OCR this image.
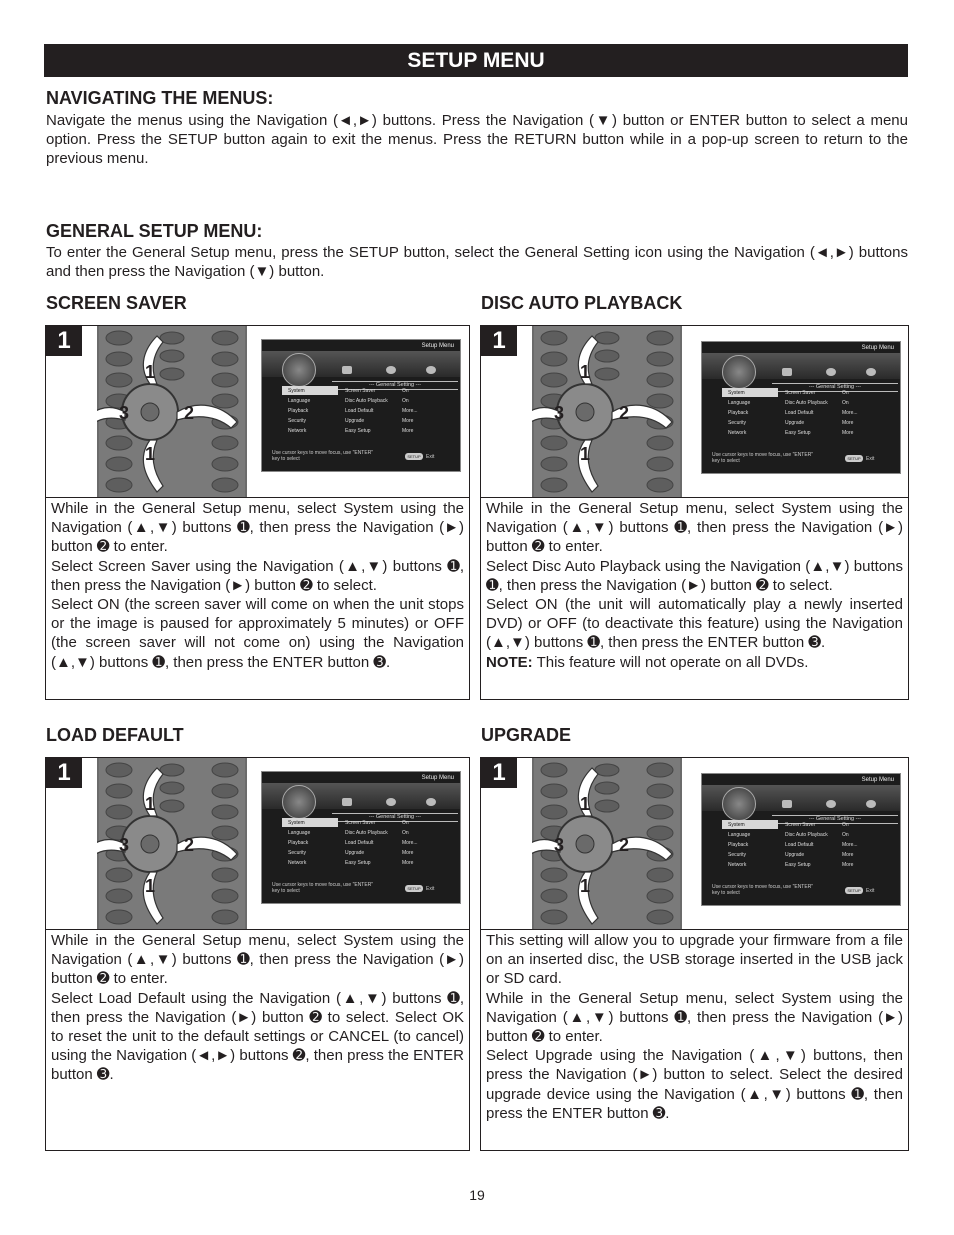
SETUP MENU
NAVIGATING THE MENUS:
Navigate the menus using the Navigation (◄,►) buttons. Press the Navigation (▼) button or ENTER button to select a menu option. Press the SETUP button again to exit the menus. Press the RETURN button while in a pop-up screen to return to the previous menu.
GENERAL SETUP MENU:
To enter the General Setup menu, press the SETUP button, select the General Setting icon using the Navigation (◄,►) buttons and then press the Navigation (▼) button.
SCREEN SAVER	DISC AUTO PLAYBACK
LOAD DEFAULT	UPGRADE
1
1
1
3	2
Setup Menu
--- General Setting ---
System	Screen Saver	On
Language	Disc Auto Playback	On
Playback	Load Default	More...
Security	Upgrade	More
Network	Easy Setup	More
Use cursor keys to move focus, use "ENTER" key to select	SETUP	Exit

While in the General Setup menu, select System using the Navigation (▲,▼) buttons ➊, then press the Navigation (►) button ➋ to enter.

Select Screen Saver using the Navigation (▲,▼) buttons ➊, then press the Navigation (►) button ➋ to select.

Select ON (the screen saver will come on when the unit stops or the image is paused for approximately 5 minutes) or OFF (the screen saver will not come on) using the Navigation (▲,▼) buttons ➊, then press the ENTER button ➌.

1
1
1
3	2
Setup Menu
--- General Setting ---
System	Screen Saver	On
Language	Disc Auto Playback	On
Playback	Load Default	More...
Security	Upgrade	More
Network	Easy Setup	More
Use cursor keys to move focus, use "ENTER" key to select	SETUP	Exit

While in the General Setup menu, select System using the Navigation (▲,▼) buttons ➊, then press the Navigation (►) button ➋ to enter.

Select Disc Auto Playback using the Navigation (▲,▼) buttons ➊, then press the Navigation (►) button ➋ to select.

Select ON (the unit will automatically play a newly inserted DVD) or OFF (to deactivate this feature) using the Navigation (▲,▼) buttons ➊, then press the ENTER button ➌.

NOTE: This feature will not operate on all DVDs.

1
1
1
3	2
Setup Menu
--- General Setting ---
System	Screen Saver	On
Language	Disc Auto Playback	On
Playback	Load Default	More...
Security	Upgrade	More
Network	Easy Setup	More
Use cursor keys to move focus, use "ENTER" key to select	SETUP	Exit

While in the General Setup menu, select System using the Navigation (▲,▼) buttons ➊, then press the Navigation (►) button ➋ to enter.

Select Load Default using the Navigation (▲,▼) buttons ➊, then press the Navigation (►) button ➋ to select. Select OK to reset the unit to the default settings or CANCEL (to cancel) using the Navigation (◄,►) buttons ➋, then press the ENTER button ➌.

1
1
1
3	2
Setup Menu
--- General Setting ---
System	Screen Saver	On
Language	Disc Auto Playback	On
Playback	Load Default	More...
Security	Upgrade	More
Network	Easy Setup	More
Use cursor keys to move focus, use "ENTER" key to select	SETUP	Exit

This setting will allow you to upgrade your firmware from a file on an inserted disc, the USB storage inserted in the USB jack or SD card.

While in the General Setup menu, select System using the Navigation (▲,▼) buttons ➊, then press the Navigation (►) button ➋ to enter.

Select Upgrade using the Navigation (▲,▼) buttons, then press the Navigation (►) button to select. Select the desired upgrade device using the Navigation (▲,▼) buttons ➊, then press the ENTER button ➌.

19
